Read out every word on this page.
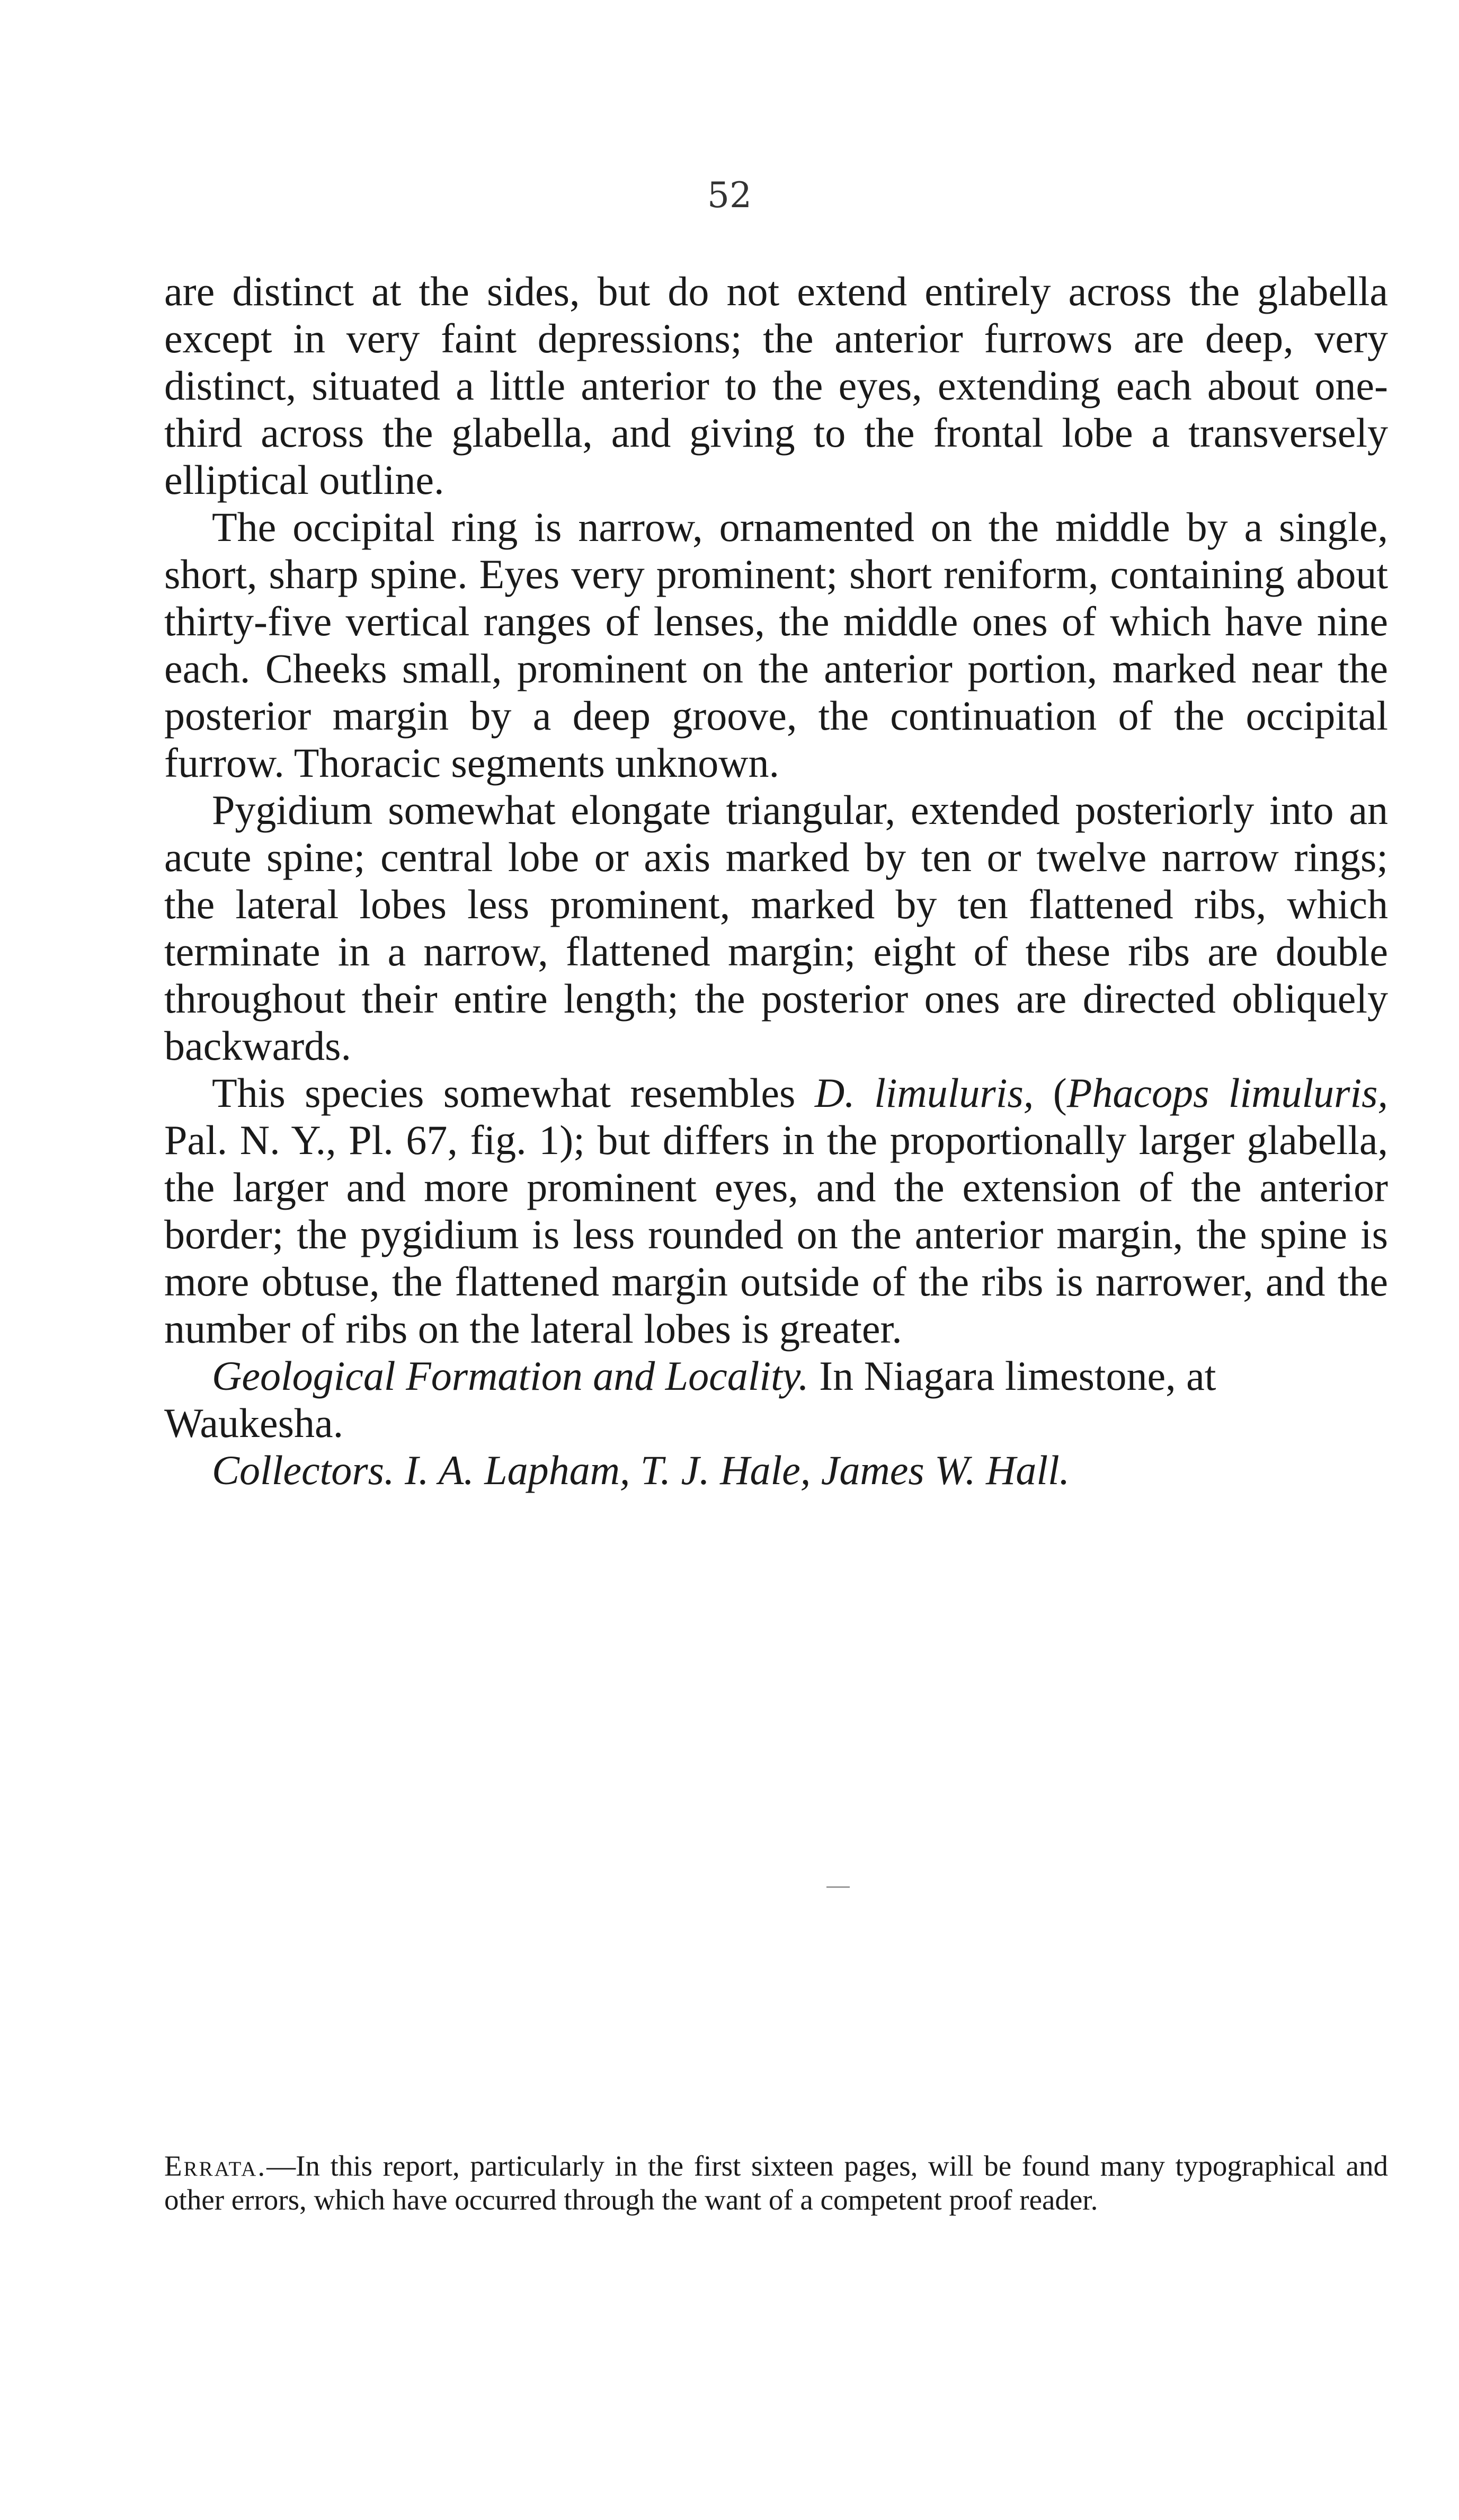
52

are distinct at the sides, but do not extend entirely across the glabella except in very faint depressions; the anterior furrows are deep, very distinct, situated a little anterior to the eyes, extending each about one-third across the glabella, and giving to the frontal lobe a transversely elliptical outline.

The occipital ring is narrow, ornamented on the middle by a single, short, sharp spine. Eyes very prominent; short reniform, containing about thirty-five vertical ranges of lenses, the middle ones of which have nine each. Cheeks small, prominent on the anterior portion, marked near the posterior margin by a deep groove, the continuation of the occipital furrow. Thoracic segments unknown.

Pygidium somewhat elongate triangular, extended posteriorly into an acute spine; central lobe or axis marked by ten or twelve narrow rings; the lateral lobes less prominent, marked by ten flattened ribs, which terminate in a narrow, flattened margin; eight of these ribs are double throughout their entire length; the posterior ones are directed obliquely backwards.

This species somewhat resembles D. limuluris, (Phacops limuluris, Pal. N. Y., Pl. 67, fig. 1); but differs in the proportionally larger glabella, the larger and more prominent eyes, and the extension of the anterior border; the pygidium is less rounded on the anterior margin, the spine is more obtuse, the flattened margin outside of the ribs is narrower, and the number of ribs on the lateral lobes is greater.

Geological Formation and Locality. In Niagara limestone, at Waukesha.

Collectors. I. A. Lapham, T. J. Hale, James W. Hall.

Errata.—In this report, particularly in the first sixteen pages, will be found many typographical and other errors, which have occurred through the want of a competent proof reader.
